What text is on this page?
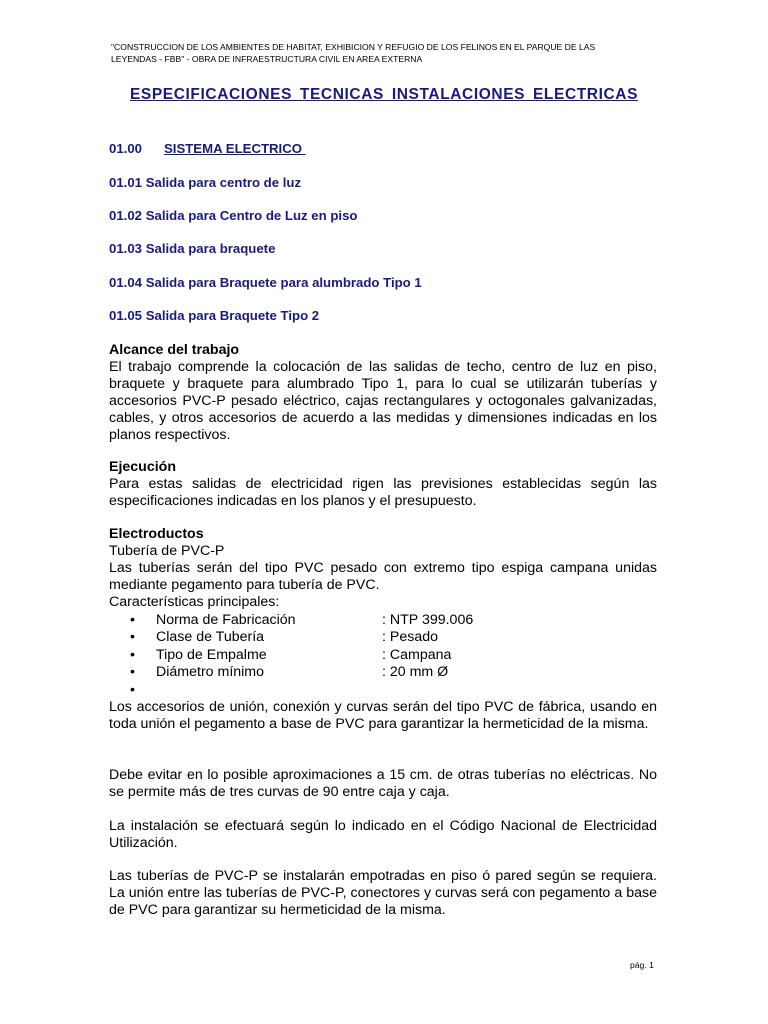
"CONSTRUCCION DE LOS AMBIENTES DE HABITAT, EXHIBICION Y REFUGIO DE LOS FELINOS EN EL PARQUE DE LAS
LEYENDAS - FBB" - OBRA DE INFRAESTRUCTURA CIVIL EN AREA EXTERNA
ESPECIFICACIONES TECNICAS INSTALACIONES ELECTRICAS
01.00 SISTEMA ELECTRICO
01.01 Salida para centro de luz
01.02 Salida para Centro de Luz en piso
01.03 Salida para braquete
01.04 Salida para Braquete para alumbrado Tipo 1
01.05 Salida para Braquete Tipo 2
Alcance del trabajo
El trabajo comprende la colocación de las salidas de techo, centro de luz en piso, braquete y braquete para alumbrado Tipo 1, para lo cual se utilizarán tuberías y accesorios PVC-P pesado eléctrico, cajas rectangulares y octogonales galvanizadas, cables, y otros accesorios de acuerdo a las medidas y dimensiones indicadas en los planos respectivos.
Ejecución
Para estas salidas de electricidad rigen las previsiones establecidas según las especificaciones indicadas en los planos y el presupuesto.
Electroductos
Tubería de PVC-P
Las tuberías serán del tipo PVC pesado con extremo tipo espiga campana unidas mediante pegamento para tubería de PVC.
Características principales:
• Norma de Fabricación	: NTP 399.006
• Clase de Tubería	: Pesado
• Tipo de Empalme	: Campana
• Diámetro mínimo	: 20 mm Ø
•
Los accesorios de unión, conexión y curvas serán del tipo PVC de fábrica, usando en toda unión el pegamento a base de PVC para garantizar la hermeticidad de la misma.
Debe evitar en lo posible aproximaciones a 15 cm. de otras tuberías no eléctricas. No se permite más de tres curvas de 90 entre caja y caja.
La instalación se efectuará según lo indicado en el Código Nacional de Electricidad Utilización.
Las tuberías de PVC-P se instalarán empotradas en piso ó pared según se requiera. La unión entre las tuberías de PVC-P, conectores y curvas será con pegamento a base de PVC para garantizar su hermeticidad de la misma.
pág. 1
